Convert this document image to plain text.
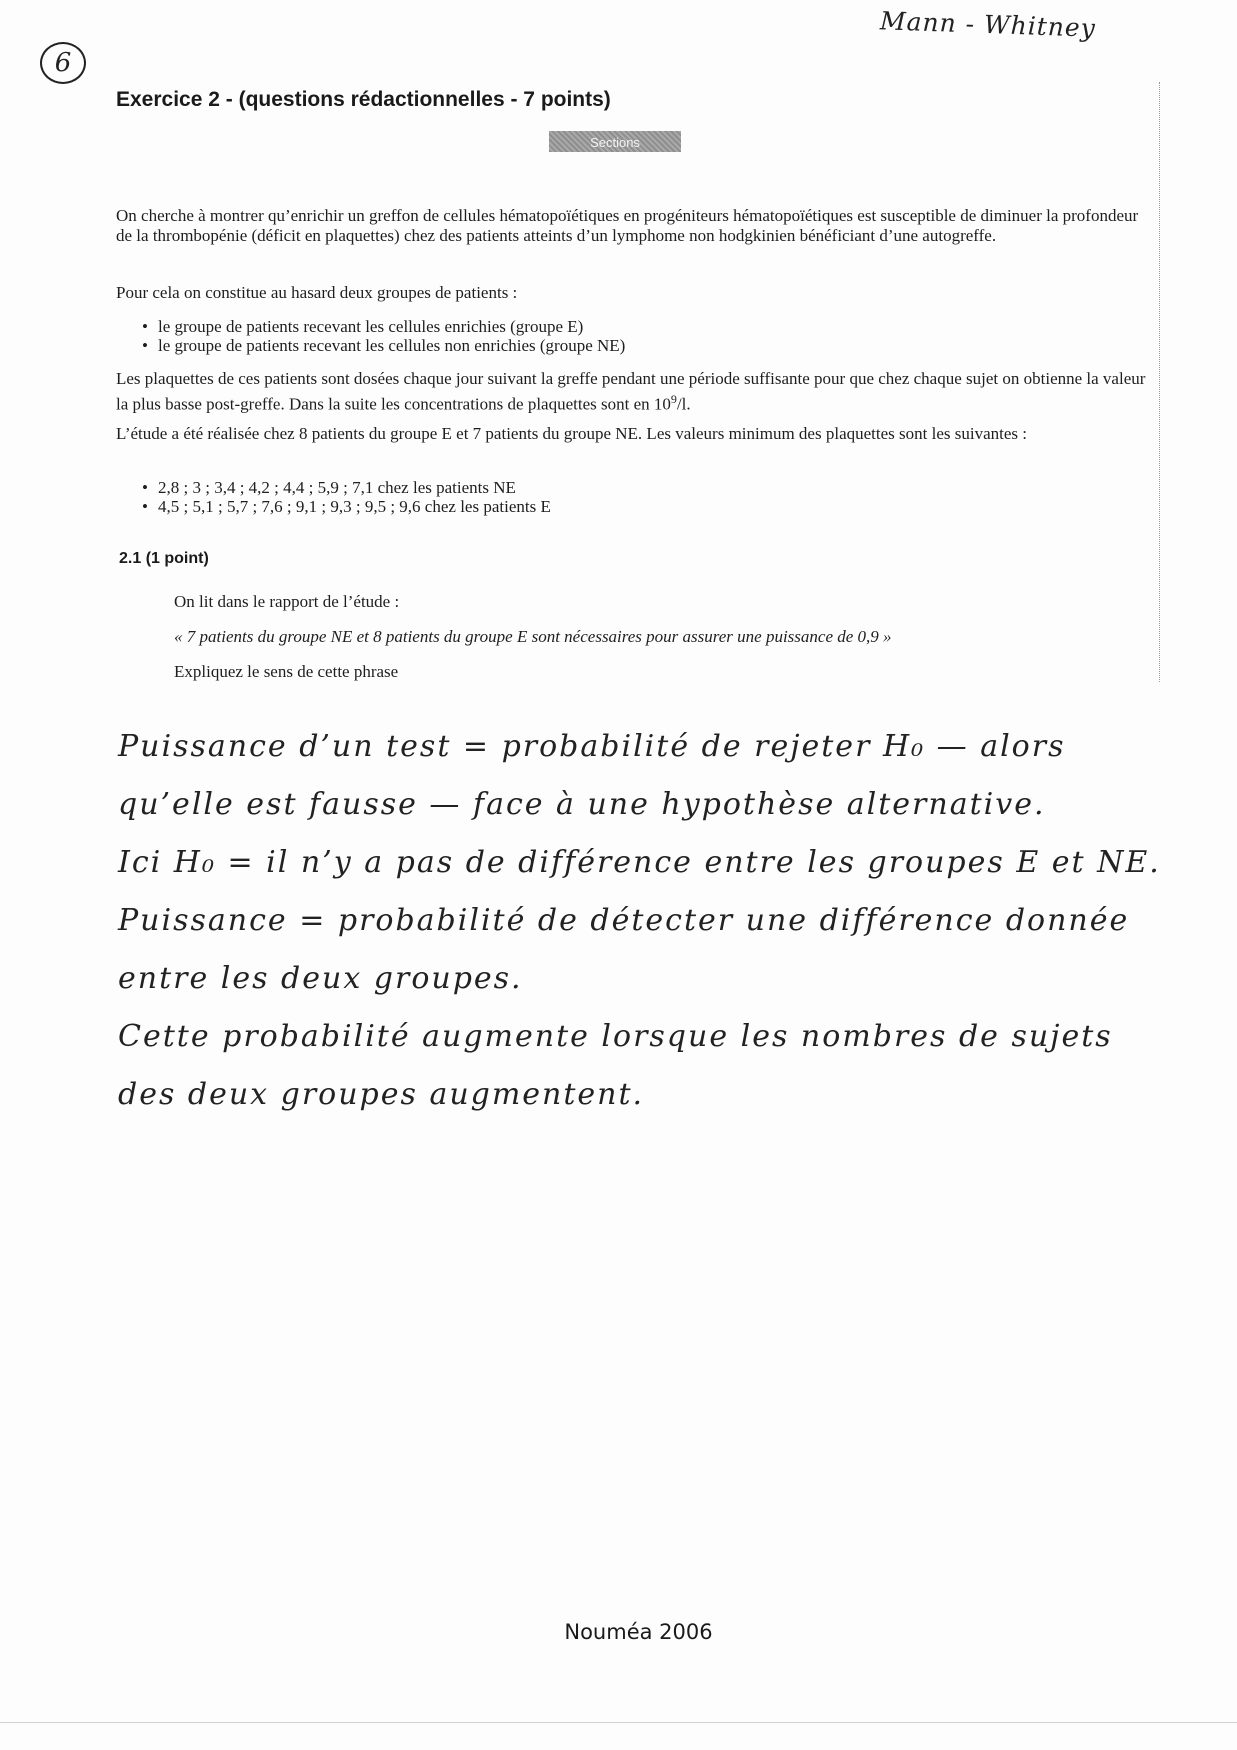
6
Mann - Whitney
Exercice 2 - (questions rédactionnelles - 7 points)
Sections

On cherche à montrer qu’enrichir un greffon de cellules hématopoïétiques en progéniteurs hématopoïétiques est susceptible de diminuer la profondeur de la thrombopénie (déficit en plaquettes) chez des patients atteints d’un lymphome non hodgkinien bénéficiant d’une autogreffe.

Pour cela on constitue au hasard deux groupes de patients :

• le groupe de patients recevant les cellules enrichies (groupe E)
• le groupe de patients recevant les cellules non enrichies (groupe NE)

Les plaquettes de ces patients sont dosées chaque jour suivant la greffe pendant une période suffisante pour que chez chaque sujet on obtienne la valeur la plus basse post-greffe. Dans la suite les concentrations de plaquettes sont en $10^9/l$.

L’étude a été réalisée chez 8 patients du groupe E et 7 patients du groupe NE. Les valeurs minimum des plaquettes sont les suivantes :

• 2,8 ; 3 ; 3,4 ; 4,2 ; 4,4 ; 5,9 ; 7,1 chez les patients NE
• 4,5 ; 5,1 ; 5,7 ; 7,6 ; 9,1 ; 9,3 ; 9,5 ; 9,6 chez les patients E
2.1 (1 point)
On lit dans le rapport de l’étude :
« 7 patients du groupe NE et 8 patients du groupe E sont nécessaires pour assurer une puissance de 0,9 »
Expliquez le sens de cette phrase
Puissance d’un test = probabilité de rejeter H₀ — alors
qu’elle est fausse — face à une hypothèse alternative.
Ici H₀ = il n’y a pas de différence entre les groupes E et NE.
Puissance = probabilité de détecter une différence donnée
entre les deux groupes.
Cette probabilité augmente lorsque les nombres de sujets
des deux groupes augmentent.
Nouméa 2006
